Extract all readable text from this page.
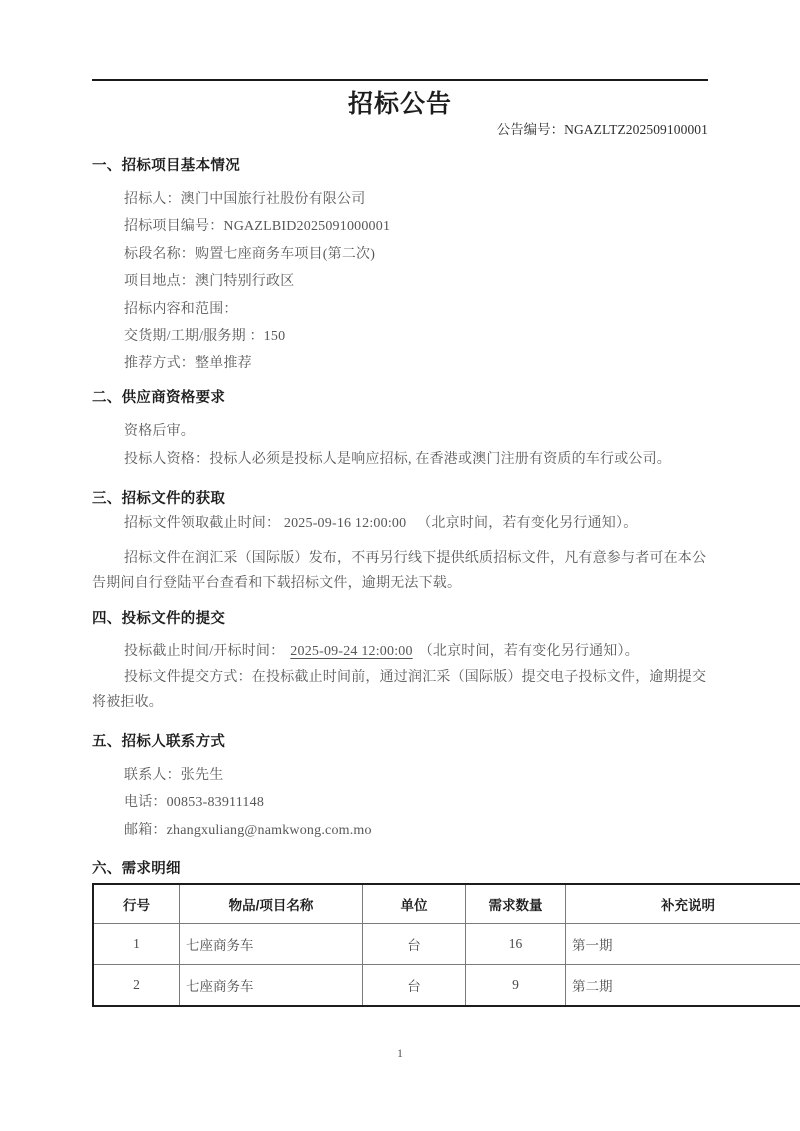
招标公告
公告编号：NGAZLTZ202509100001
一、招标项目基本情况
招标人：澳门中国旅行社股份有限公司
招标项目编号：NGAZLBID2025091000001
标段名称：购置七座商务车项目(第二次)
项目地点：澳门特别行政区
招标内容和范围：
交货期/工期/服务期 ：150
推荐方式：整单推荐
二、供应商资格要求
资格后审。
投标人资格：投标人必须是投标人是响应招标, 在香港或澳门注册有资质的车行或公司。
三、招标文件的获取
招标文件领取截止时间： 2025-09-16 12:00:00 　（北京时间，若有变化另行通知）。
招标文件在润汇采（国际版）发布，不再另行线下提供纸质招标文件，凡有意参与者可在本公告期间自行登陆平台查看和下载招标文件，逾期无法下载。
四、投标文件的提交
投标截止时间/开标时间： 2025-09-24 12:00:00 （北京时间，若有变化另行通知）。
投标文件提交方式：在投标截止时间前，通过润汇采（国际版）提交电子投标文件，逾期提交将被拒收。
五、招标人联系方式
联系人：张先生
电话：00853-83911148
邮箱：zhangxuliang@namkwong.com.mo
六、需求明细
行号	物品/项目名称	单位	需求数量	补充说明
1	七座商务车	台	16	第一期
2	七座商务车	台	9	第二期
1
